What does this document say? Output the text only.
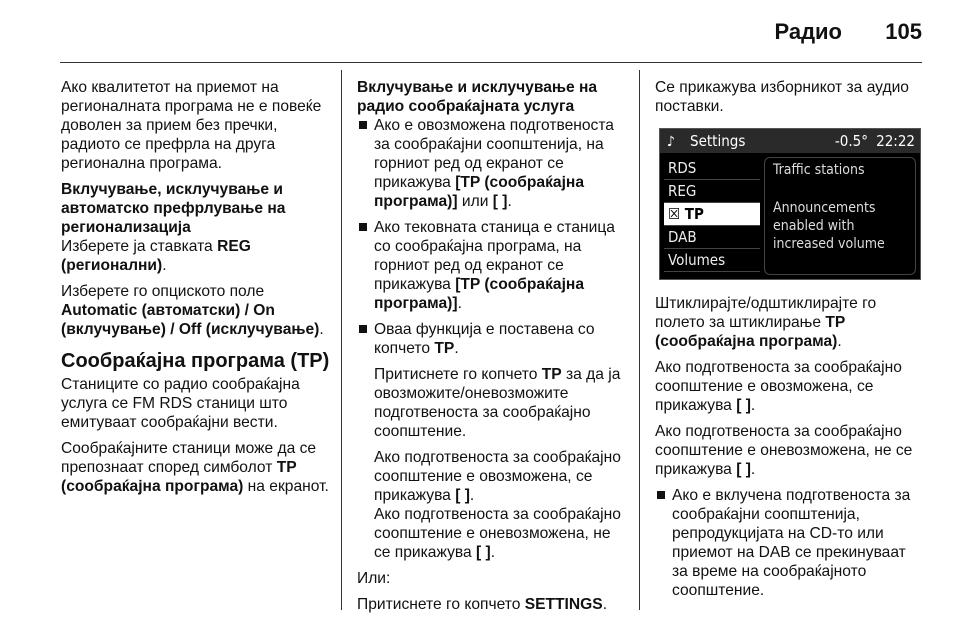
Радио 105

Ако квалитетот на приемот на регионалната програма не е повеќе доволен за прием без пречки, радиото се префрла на друга регионална програма.

Вклучување, исклучување и автоматско префрлување на регионализација

Изберете ја ставката REG (регионални).

Изберете го опциското поле Automatic (автоматски) / On (вклучување) / Off (исклучување).

Сообраќајна програма (TP)

Станиците со радио сообраќајна услуга се FM RDS станици што емитуваат сообраќајни вести.

Сообраќајните станици може да се препознаат според симболот TP (сообраќајна програма) на екранот.

Вклучување и исклучување на радио сообраќајната услуга

Ако е овозможена подготвеноста за сообраќајни соопштенија, на горниот ред од екранот се прикажува [TP (сообраќајна програма)] или [ ].

Ако тековната станица е станица со сообраќајна програма, на горниот ред од екранот се прикажува [TP (сообраќајна програма)].

Оваа функција е поставена со копчето TP.

Притиснете го копчето TP за да ја овозможите/оневозможите подготвеноста за сообраќајно соопштение.

Ако подготвеноста за сообраќајно соопштение е овозможена, се прикажува [ ].

Ако подготвеноста за сообраќајно соопштение е оневозможена, не се прикажува [ ].

Или:

Притиснете го копчето SETTINGS.

Се прикажува изборникот за аудио поставки.

♪ Settings	-0.5° 22:22
RDS
REG
☒ TP
DAB
Volumes
Traffic stations
Announcements
enabled with
increased volume

Штиклирајте/одштиклирајте го полето за штиклирање TP (сообраќајна програма).

Ако подготвеноста за сообраќајно соопштение е овозможена, се прикажува [ ].

Ако подготвеноста за сообраќајно соопштение е оневозможена, не се прикажува [ ].

Ако е вклучена подготвеноста за сообраќајни соопштенија, репродукцијата на CD-то или приемот на DAB се прекинуваат за време на сообраќајното соопштение.
